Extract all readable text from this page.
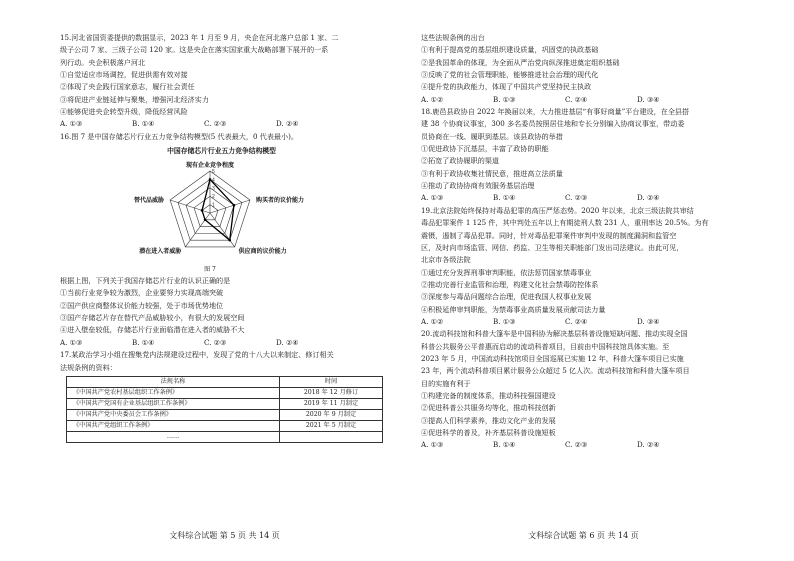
15.河北省国资委提供的数据显示，2023 年 1 月至 9 月，央企在河北落户总部 1 家、二
级子公司 7 家、三级子公司 120 家。这是央企在落实国家重大战略部署下展开的一系
列行动。央企积极落户河北
①自觉适应市场调控，促进供需有效对接
②体现了央企践行国家意志，履行社会责任
③将促进产业链延伸与聚集，增强河北经济实力
④能够促进央企转型升级，降低经营风险
A. ①③	B. ①④	C. ②③	D. ②④
16.图 7 是中国存储芯片行业五力竞争结构模型(5 代表最大，0 代表最小)。
中国存储芯片行业五力竞争结构模型
1
2
3
4
5
现有企业竞争程度
购买者的议价能力
供应商的议价能力
潜在进入者威胁
替代品威胁
图 7
根据上图，下列关于我国存储芯片行业的认识正确的是
①当前行业竞争较为激烈，企业要努力实现高端突破
②国产供应商整体议价能力较强，处于市场优势地位
③国产存储芯片存在替代产品威胁较小，有很大的发展空间
④进入壁垒较低，存储芯片行业面临潜在进入者的威胁不大
A. ①③	B. ①④	C. ②③	D. ②④
17.某政治学习小组在搜集党内法规建设过程中，发现了党的十八大以来制定、修订相关
法规条例的资料：
法规名称	时间
《中国共产党农村基层组织工作条例》	2018 年 12 月修订
《中国共产党国有企业基层组织工作条例》	2019 年 11 月制定
《中国共产党中央委员会工作条例》	2020 年 9 月制定
《中国共产党组织工作条例》	2021 年 5 月制定
……	
文科综合试题 第 5 页 共 14 页
这些法规条例的出台
①有利于提高党的基层组织建设质量，巩固党的执政基础
②是我国革命的体现，为全面从严治党向纵深推进奠定组织基础
③反映了党的社会管理职能，能够推进社会治理的现代化
④提升党的执政能力，体现了中国共产党坚持民主执政
A. ①②	B. ①③	C. ②④	D. ③④
18.鹿邑县政协自 2022 年换届以来，大力推进基层“有事好商量”平台建设，在全县搭
建 38 个协商议事室，300 多名委员按照居住地和专长分别编入协商议事室，带动委
员协商在一线、履职到基层。该县政协的举措
①促进政协下沉基层，丰富了政协的职能
②拓宽了政协履职的渠道
③有利于政协收集社情民意，推进高立法质量
④推动了政协协商有效服务基层治理
A. ①③	B. ①④	C. ②③	D. ②④
19.北京法院始终保持对毒品犯罪的高压严惩态势。2020 年以来，北京三级法院共审结
毒品犯罪案件 1 125 件，其中判处五年以上有期徒刑人数 231 人，重刑率达 20.5%。为有
震慑，遏制了毒品犯罪。同时，针对毒品犯罪案件审判中发现的制度漏洞和监管空
区，及时向市场监管、网信、药监、卫生等相关职能部门发出司法建议。由此可见，
北京市各级法院
①通过充分发挥刑事审判职能，依法惩罚国家禁毒事业
②推动完善行业监管和治理，构建文化社会禁毒防控体系
③深度参与毒品问题综合治理，促进我国人权事业发展
④积极延伸审判职能，为禁毒事业高质量发展贡献司法力量
A. ①②	B. ①③	C. ②④	D. ③④
20.流动科技馆和科普大篷车是中国科协为解决基层科普设施短缺问题、推动实现全国
科普公共服务公平普惠而启动的流动科普项目，目前由中国科技馆具体实施。至
2023 年 5 月，中国流动科技馆项目全国巡展已实施 12 年，科普大篷车项目已实施
23 年，两个流动科普项目累计服务公众超过 5 亿人次。流动科技馆和科普大篷车项目
目的实施有利于
①构建完备的制度体系，推动科技强国建设
②促进科普公共服务均等化，推动科技创新
③提高人们科学素养，推动文化产业的发展
④促进科学的普及，补齐基层科普设施短板
A. ①③	B. ①④	C. ②③	D. ②④
文科综合试题 第 6 页 共 14 页
